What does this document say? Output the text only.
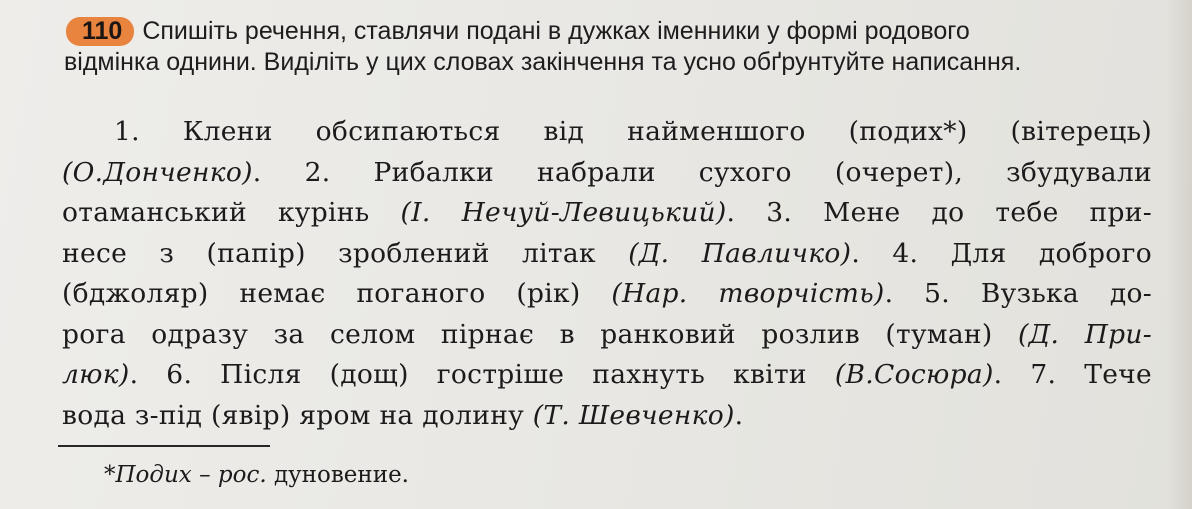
110 Спишіть речення, ставлячи подані в дужках іменники у формі родового
відмінка однини. Виділіть у цих словах закінчення та усно обґрунтуйте написання.
1. Клени обсипаються від найменшого (подих*) (вітерець)
(О.Донченко). 2. Рибалки набрали сухого (очерет), збудували
отаманський курінь (І. Нечуй-Левицький). 3. Мене до тебе при-
несе з (папір) зроблений літак (Д. Павличко). 4. Для доброго
(бджоляр) немає поганого (рік) (Нар. творчість). 5. Вузька до-
рога одразу за селом пірнає в ранковий розлив (туман) (Д. При-
люк). 6. Після (дощ) гостріше пахнуть квіти (В.Сосюра). 7. Тече
вода з-під (явір) яром на долину (Т. Шевченко).
*Подих – рос. дуновение.
